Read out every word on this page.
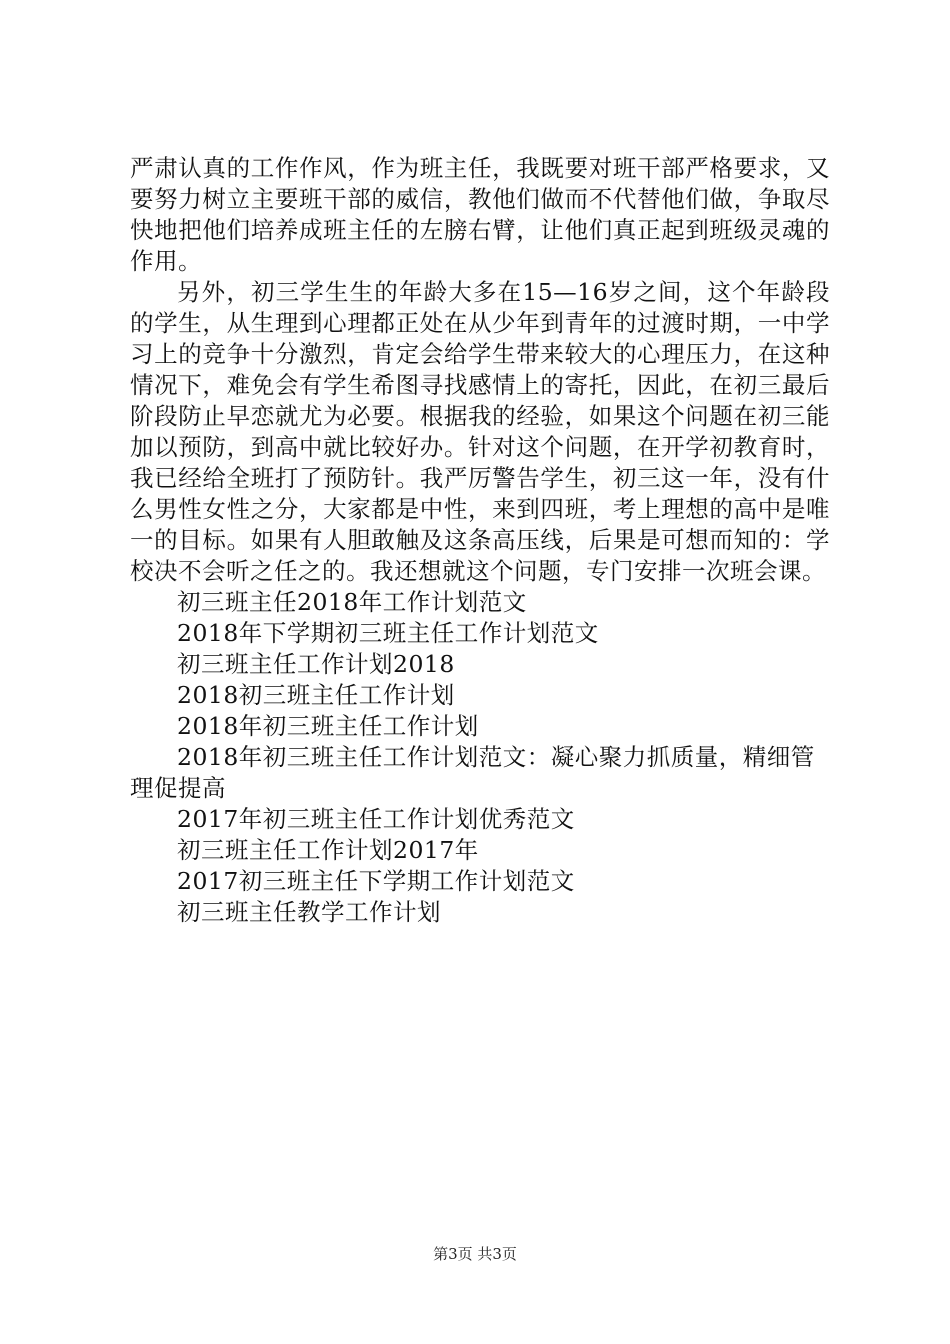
严肃认真的工作作风，作为班主任，我既要对班干部严格要求，又要努力树立主要班干部的威信，教他们做而不代替他们做，争取尽快地把他们培养成班主任的左膀右臂，让他们真正起到班级灵魂的作用。

另外，初三学生生的年龄大多在15—16岁之间，这个年龄段的学生，从生理到心理都正处在从少年到青年的过渡时期，一中学习上的竞争十分激烈，肯定会给学生带来较大的心理压力，在这种情况下，难免会有学生希图寻找感情上的寄托，因此，在初三最后阶段防止早恋就尤为必要。根据我的经验，如果这个问题在初三能加以预防，到高中就比较好办。针对这个问题，在开学初教育时，我已经给全班打了预防针。我严厉警告学生，初三这一年，没有什么男性女性之分，大家都是中性，来到四班，考上理想的高中是唯一的目标。如果有人胆敢触及这条高压线，后果是可想而知的：学校决不会听之任之的。我还想就这个问题，专门安排一次班会课。

初三班主任2018年工作计划范文
2018年下学期初三班主任工作计划范文
初三班主任工作计划2018
2018初三班主任工作计划
2018年初三班主任工作计划
2018年初三班主任工作计划范文：凝心聚力抓质量，精细管理促提高
2017年初三班主任工作计划优秀范文
初三班主任工作计划2017年
2017初三班主任下学期工作计划范文
初三班主任教学工作计划
第3页 共3页
